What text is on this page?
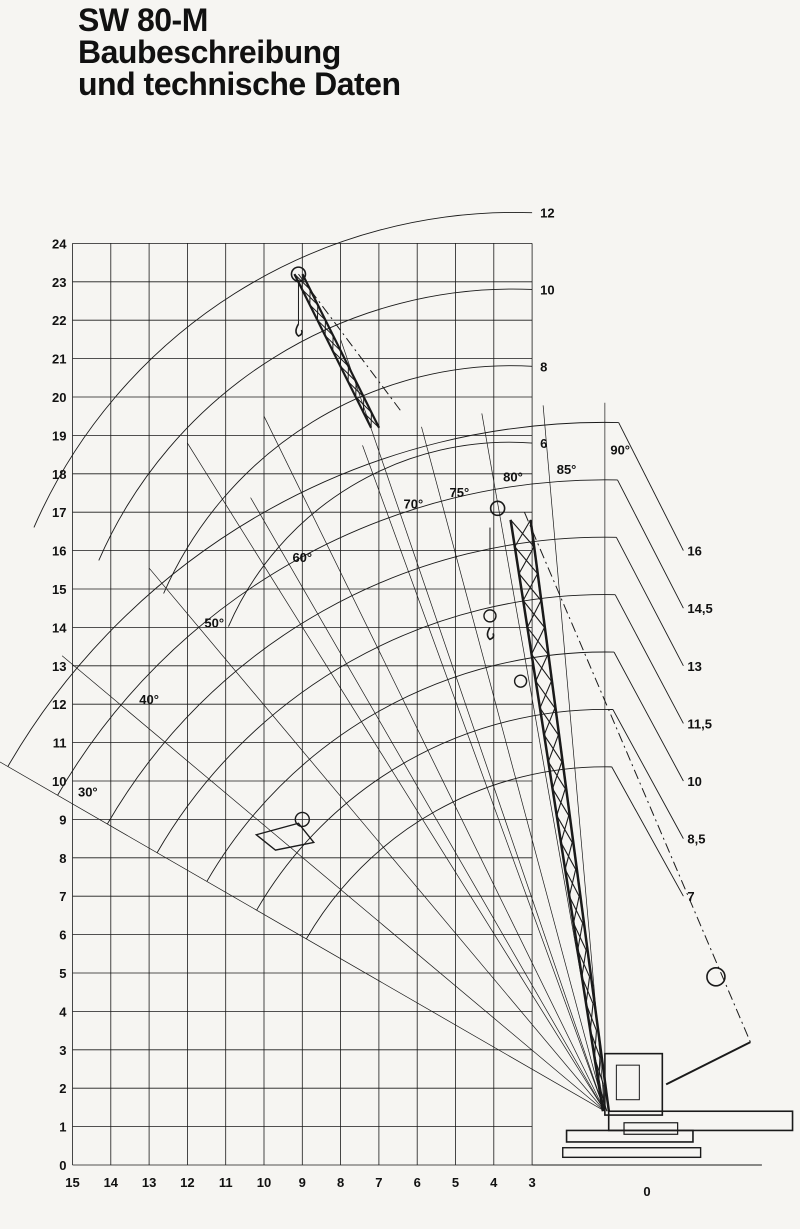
SW 80-M
Baubeschreibung
und technische Daten
0
1
2
3
4
5
6
7
8
9
10
11
12
13
14
15
16
17
18
19
20
21
22
23
24
15 14 13 12 11 10 9 8 7 6 5 4 3
0
16
14,5
13
11,5
10
8,5
7
12
10
8
6
30°
40°
50°
60°
70°
75°
80°
85°
90°
